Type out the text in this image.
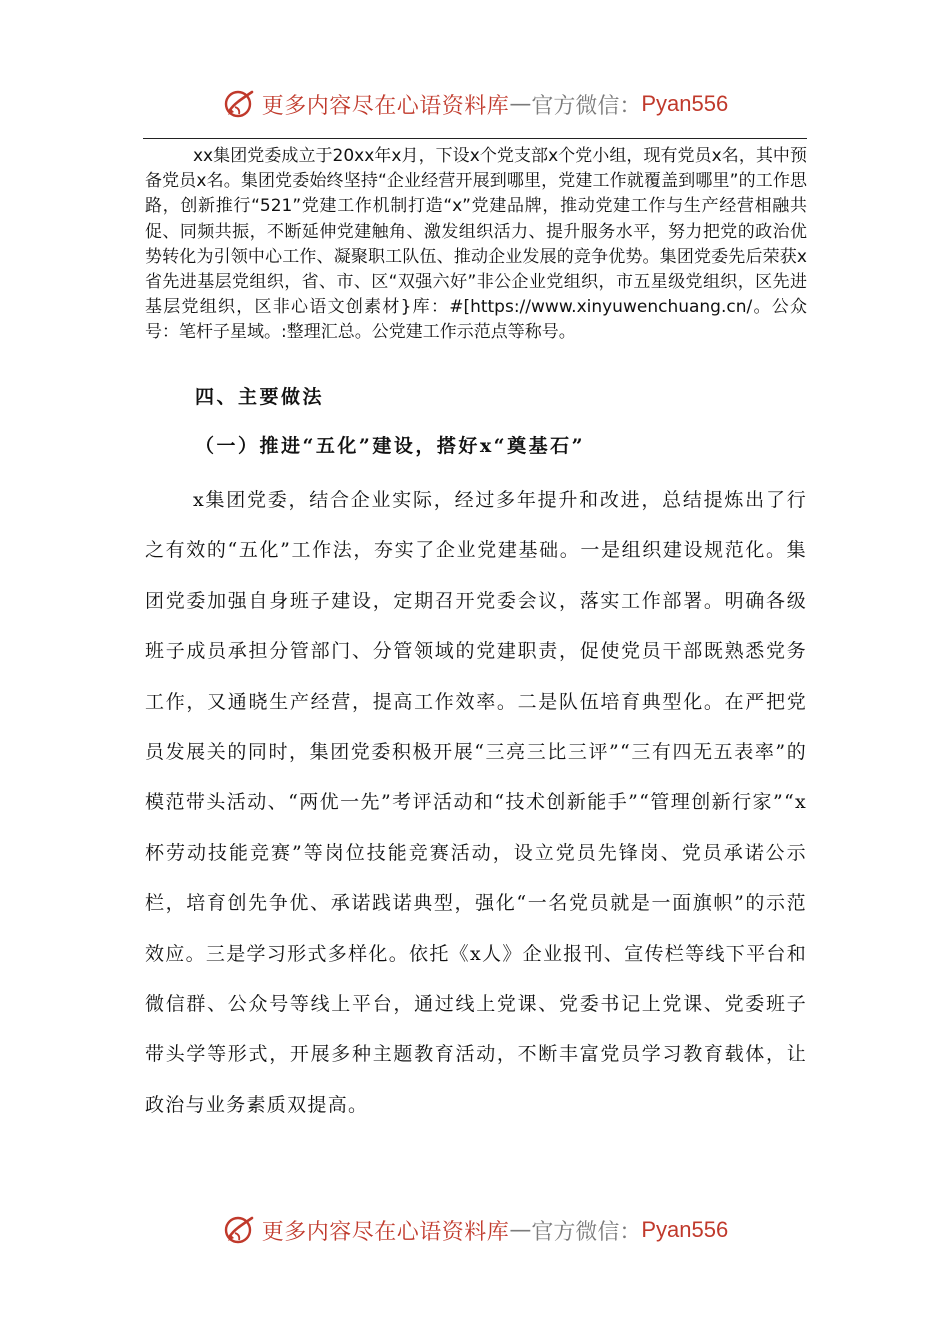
更多内容尽在心语资料库 — 官方微信： Pyan556

xx集团党委成立于20xx年x月，下设x个党支部x个党小组，现有党员x名，其中预备党员x名。集团党委始终坚持“企业经营开展到哪里，党建工作就覆盖到哪里”的工作思路，创新推行“521”党建工作机制打造“x”党建品牌，推动党建工作与生产经营相融共促、同频共振，不断延伸党建触角、激发组织活力、提升服务水平，努力把党的政治优势转化为引领中心工作、凝聚职工队伍、推动企业发展的竞争优势。集团党委先后荣获x省先进基层党组织，省、市、区“双强六好”非公企业党组织，市五星级党组织，区先进基层党组织，区非心语文创素材}库：#[https://www.xinyuwenchuang.cn/。公众号：笔杆子星域。:整理汇总。公党建工作示范点等称号。

四、主要做法
（一）推进“五化”建设，搭好x“奠基石”

x集团党委，结合企业实际，经过多年提升和改进，总结提炼出了行之有效的“五化”工作法，夯实了企业党建基础。一是组织建设规范化。集团党委加强自身班子建设，定期召开党委会议，落实工作部署。明确各级班子成员承担分管部门、分管领域的党建职责，促使党员干部既熟悉党务工作，又通晓生产经营，提高工作效率。二是队伍培育典型化。在严把党员发展关的同时，集团党委积极开展“三亮三比三评”“三有四无五表率”的模范带头活动、“两优一先”考评活动和“技术创新能手”“管理创新行家”“x杯劳动技能竞赛”等岗位技能竞赛活动，设立党员先锋岗、党员承诺公示栏，培育创先争优、承诺践诺典型，强化“一名党员就是一面旗帜”的示范效应。三是学习形式多样化。依托《x人》企业报刊、宣传栏等线下平台和微信群、公众号等线上平台，通过线上党课、党委书记上党课、党委班子带头学等形式，开展多种主题教育活动，不断丰富党员学习教育载体，让政治与业务素质双提高。

更多内容尽在心语资料库 — 官方微信： Pyan556
